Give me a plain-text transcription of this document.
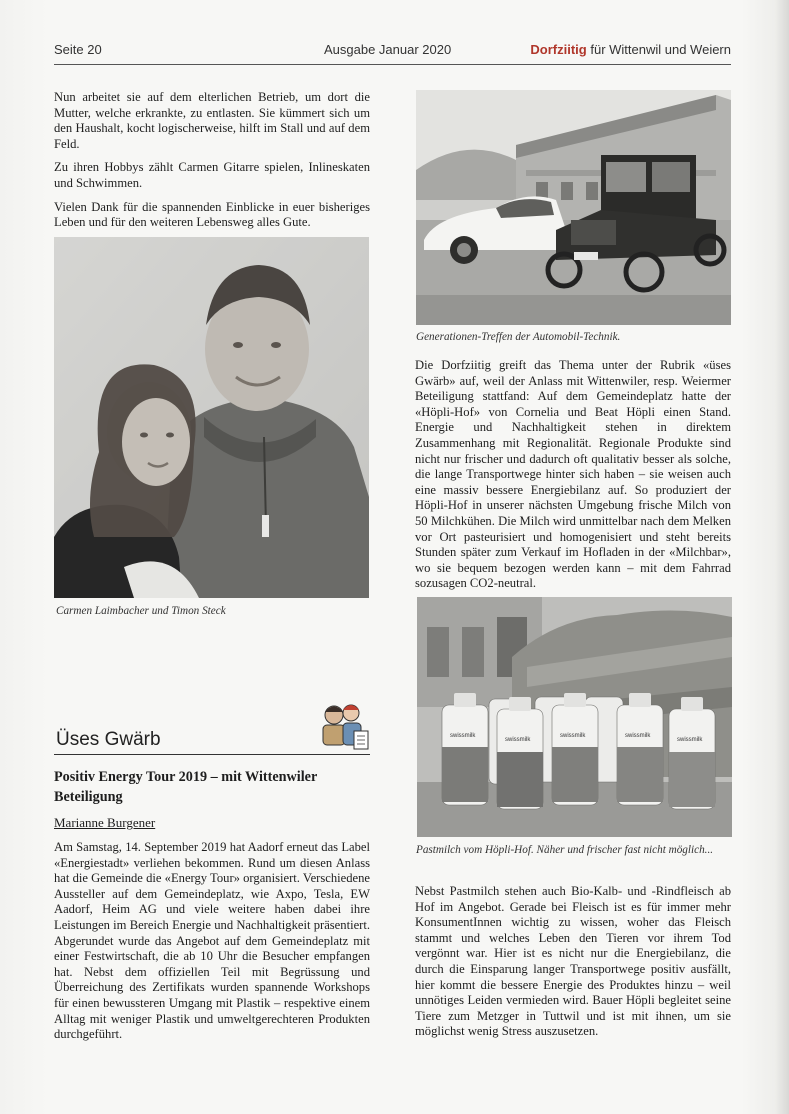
Seite 20	Ausgabe Januar 2020	Dorfziitig für Wittenwil und Weiern

Nun arbeitet sie auf dem elterlichen Betrieb, um dort die Mutter, welche erkrankte, zu entlasten. Sie kümmert sich um den Haushalt, kocht logischerweise, hilft im Stall und auf dem Feld.

Zu ihren Hobbys zählt Carmen Gitarre spielen, Inlineskaten und Schwimmen.

Vielen Dank für die spannenden Einblicke in euer bisheriges Leben und für den weiteren Lebensweg alles Gute.

Carmen Laimbacher und Timon Steck
Üses Gwärb
Positiv Energy Tour 2019 – mit Wittenwiler Beteiligung
Marianne Burgener

Am Samstag, 14. September 2019 hat Aadorf erneut das Label «Energiestadt» verliehen bekommen. Rund um diesen Anlass hat die Gemeinde die «Energy Tour» organisiert. Verschiedene Aussteller auf dem Gemeindeplatz, wie Axpo, Tesla, EW Aadorf, Heim AG und viele weitere haben dabei ihre Leistungen im Bereich Energie und Nachhaltigkeit präsentiert. Abgerundet wurde das Angebot auf dem Gemeindeplatz mit einer Festwirtschaft, die ab 10 Uhr die Besucher empfangen hat. Nebst dem offiziellen Teil mit Begrüssung und Überreichung des Zertifikats wurden spannende Workshops für einen bewussteren Umgang mit Plastik – respektive einem Alltag mit weniger Plastik und umweltgerechteren Produkten durchgeführt.

Generationen-Treffen der Automobil-Technik.

Die Dorfziitig greift das Thema unter der Rubrik «üses Gwärb» auf, weil der Anlass mit Wittenwiler, resp. Weiermer Beteiligung stattfand: Auf dem Gemeindeplatz hatte der «Höpli-Hof» von Cornelia und Beat Höpli einen Stand. Energie und Nachhaltigkeit stehen in direktem Zusammenhang mit Regionalität. Regionale Produkte sind nicht nur frischer und dadurch oft qualitativ besser als solche, die lange Transportwege hinter sich haben – sie weisen auch eine massiv bessere Energiebilanz auf. So produziert der Höpli-Hof in unserer nächsten Umgebung frische Milch von 50 Milchkühen. Die Milch wird unmittelbar nach dem Melken vor Ort pasteurisiert und homogenisiert und steht bereits Stunden später zum Verkauf im Hofladen in der «Milchbar», wo sie bequem bezogen werden kann – mit dem Fahrrad sozusagen CO2-neutral.

swissmilk
swissmilk
swissmilk	swissmilk
swissmilk
Pastmilch vom Höpli-Hof. Näher und frischer fast nicht möglich...

Nebst Pastmilch stehen auch Bio-Kalb- und -Rindfleisch ab Hof im Angebot. Gerade bei Fleisch ist es für immer mehr KonsumentInnen wichtig zu wissen, woher das Fleisch stammt und welches Leben den Tieren vor ihrem Tod vergönnt war. Hier ist es nicht nur die Energiebilanz, die durch die Einsparung langer Transportwege positiv ausfällt, hier kommt die bessere Energie des Produktes hinzu – weil unnötiges Leiden vermieden wird. Bauer Höpli begleitet seine Tiere zum Metzger in Tuttwil und ist mit ihnen, um sie möglichst wenig Stress auszusetzen.
